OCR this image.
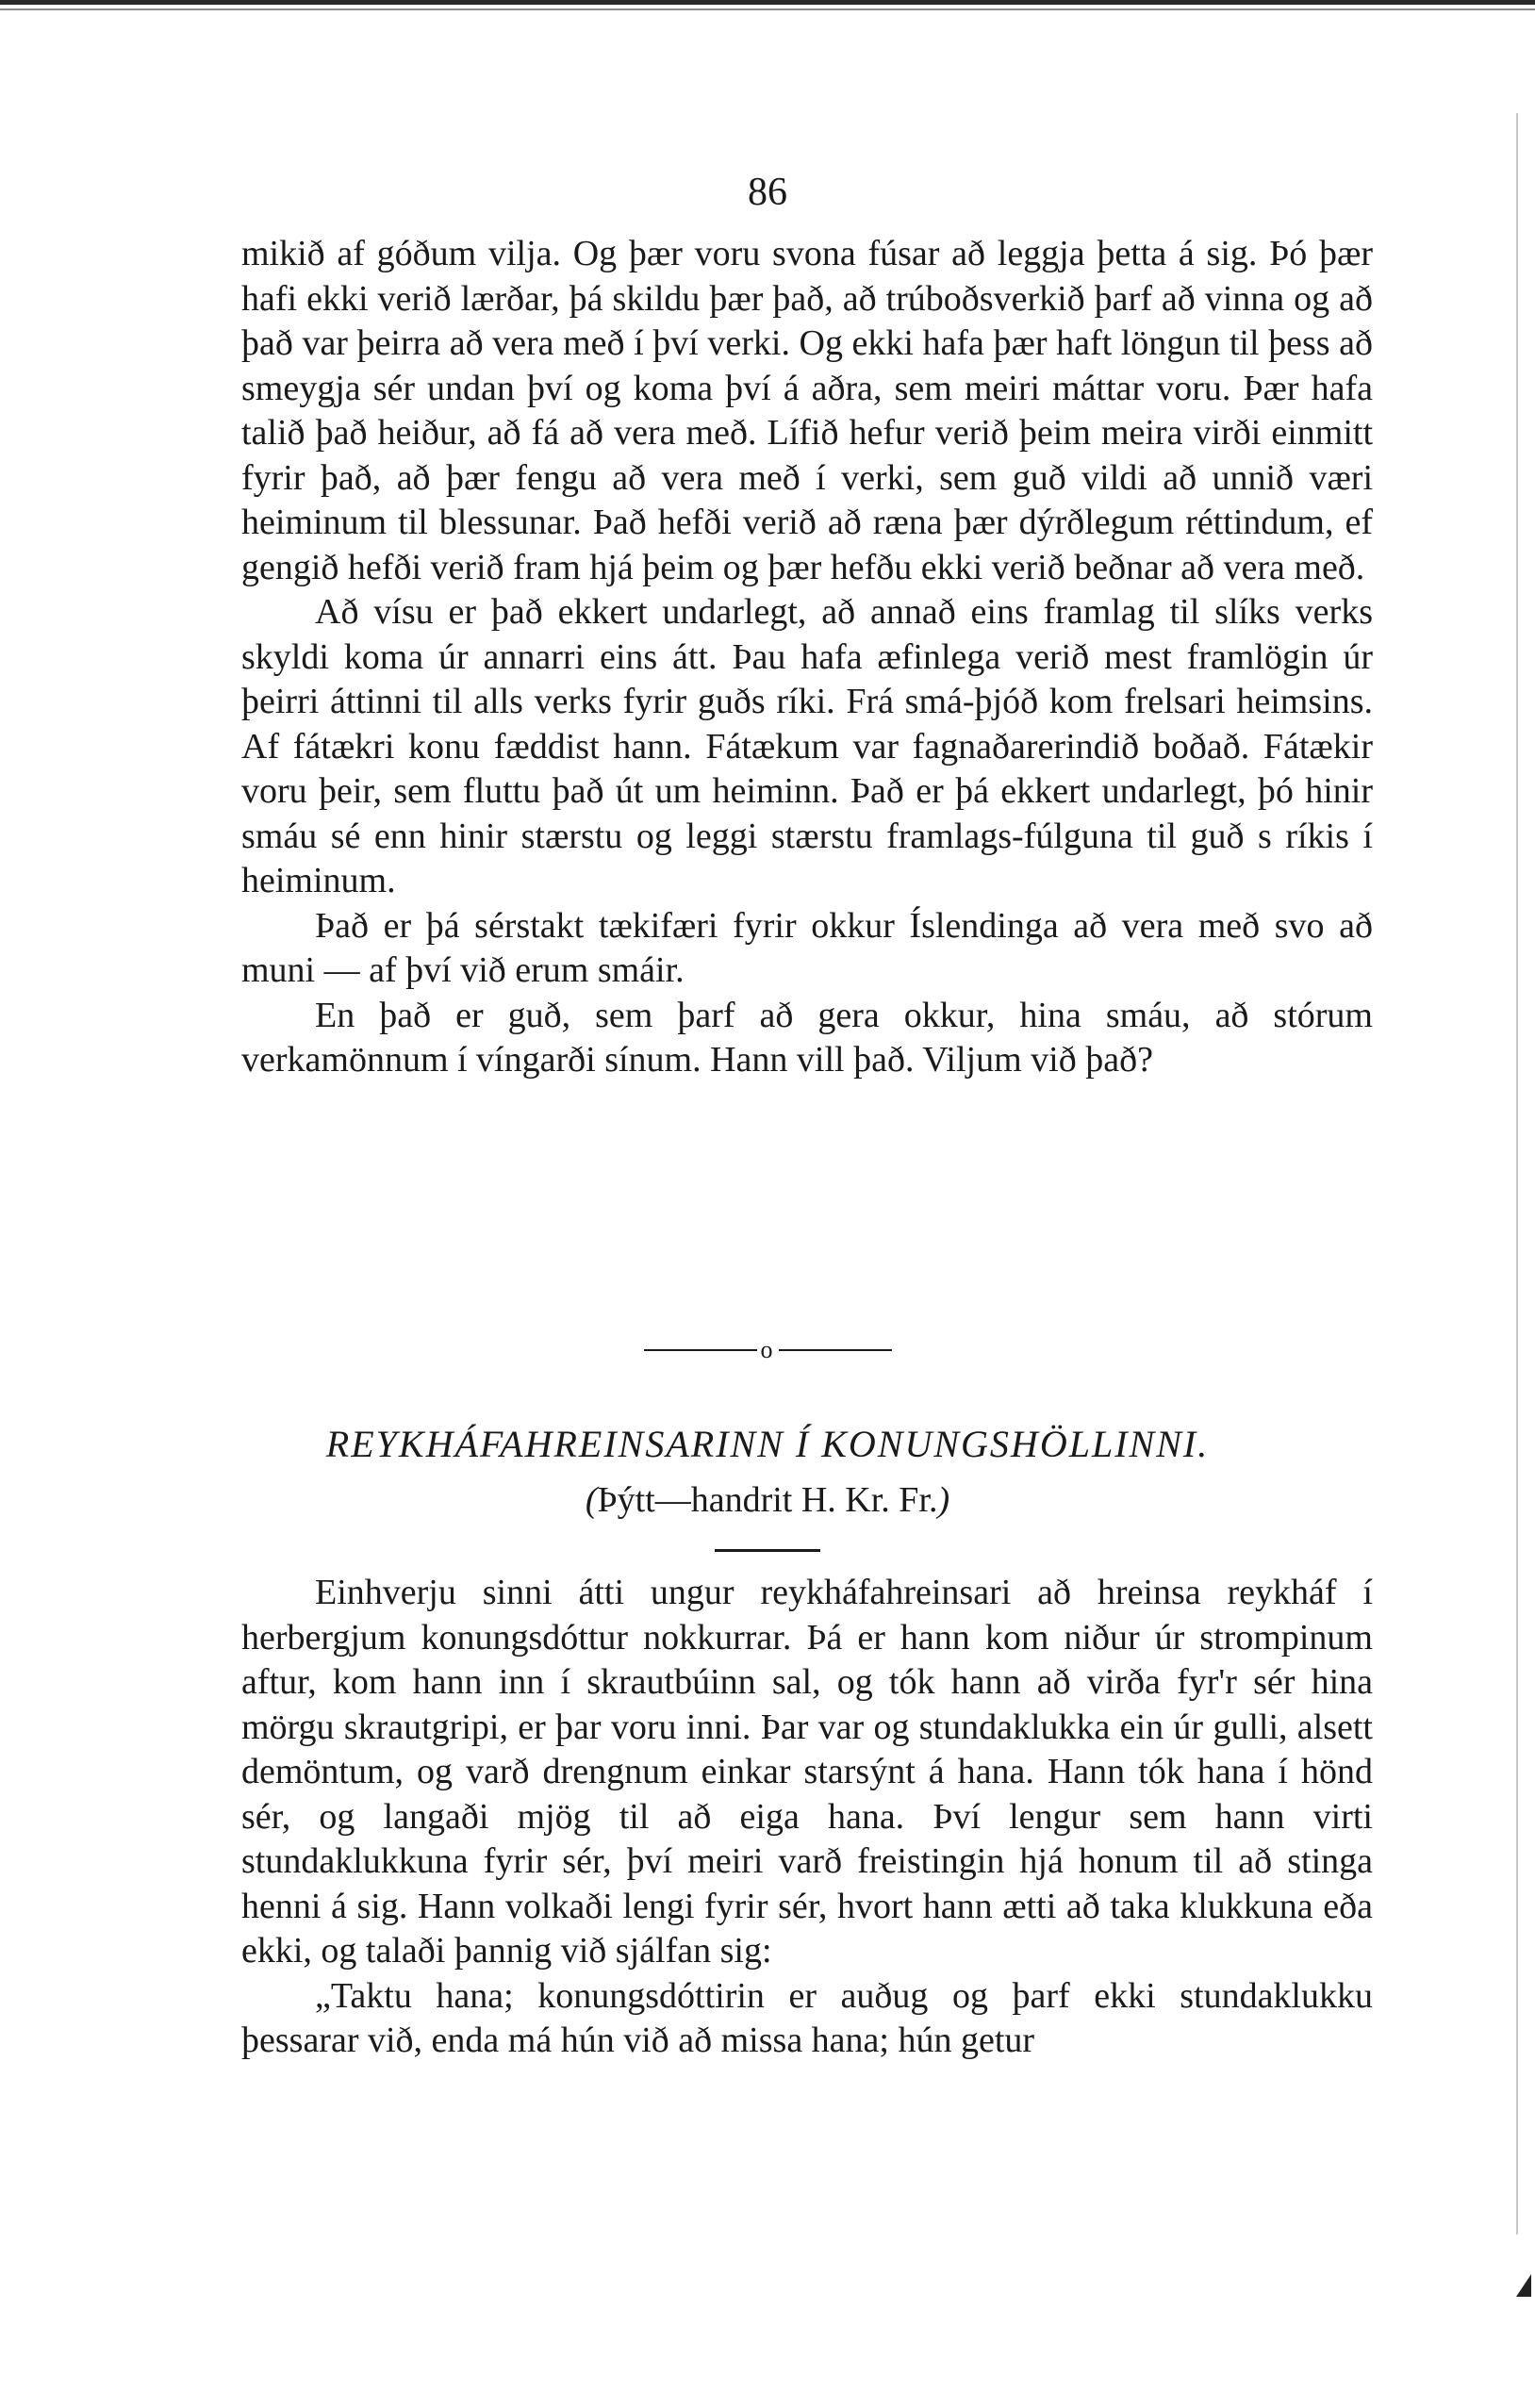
86

mikið af góðum vilja. Og þær voru svona fúsar að leggja þetta á sig. Þó þær hafi ekki verið lærðar, þá skildu þær það, að trúboðsverkið þarf að vinna og að það var þeirra að vera með í því verki. Og ekki hafa þær haft löngun til þess að smeygja sér undan því og koma því á aðra, sem meiri máttar voru. Þær hafa talið það heiður, að fá að vera með. Lífið hefur verið þeim meira virði einmitt fyrir það, að þær fengu að vera með í verki, sem guð vildi að unnið væri heiminum til blessunar. Það hefði verið að ræna þær dýrðlegum réttindum, ef gengið hefði verið fram hjá þeim og þær hefðu ekki verið beðnar að vera með.

Að vísu er það ekkert undarlegt, að annað eins framlag til slíks verks skyldi koma úr annarri eins átt. Þau hafa æfinlega verið mest framlögin úr þeirri áttinni til alls verks fyrir guðs ríki. Frá smá-þjóð kom frelsari heimsins. Af fátækri konu fæddist hann. Fátækum var fagnaðarerindið boðað. Fátækir voru þeir, sem fluttu það út um heiminn. Það er þá ekkert undarlegt, þó hinir smáu sé enn hinir stærstu og leggi stærstu framlags-fúlguna til guð s ríkis í heiminum.

Það er þá sérstakt tækifæri fyrir okkur Íslendinga að vera með svo að muni — af því við erum smáir.

En það er guð, sem þarf að gera okkur, hina smáu, að stórum verkamönnum í víngarði sínum. Hann vill það. Viljum við það?

o
REYKHÁFAHREINSARINN Í KONUNGSHÖLLINNI.
(Þýtt—handrit H. Kr. Fr.)

Einhverju sinni átti ungur reykháfahreinsari að hreinsa reykháf í herbergjum konungsdóttur nokkurrar. Þá er hann kom niður úr strompinum aftur, kom hann inn í skrautbúinn sal, og tók hann að virða fyr'r sér hina mörgu skrautgripi, er þar voru inni. Þar var og stundaklukka ein úr gulli, alsett demöntum, og varð drengnum einkar starsýnt á hana. Hann tók hana í hönd sér, og langaði mjög til að eiga hana. Því lengur sem hann virti stundaklukkuna fyrir sér, því meiri varð freistingin hjá honum til að stinga henni á sig. Hann volkaði lengi fyrir sér, hvort hann ætti að taka klukkuna eða ekki, og talaði þannig við sjálfan sig:

„Taktu hana; konungsdóttirin er auðug og þarf ekki stundaklukku þessarar við, enda má hún við að missa hana; hún getur
